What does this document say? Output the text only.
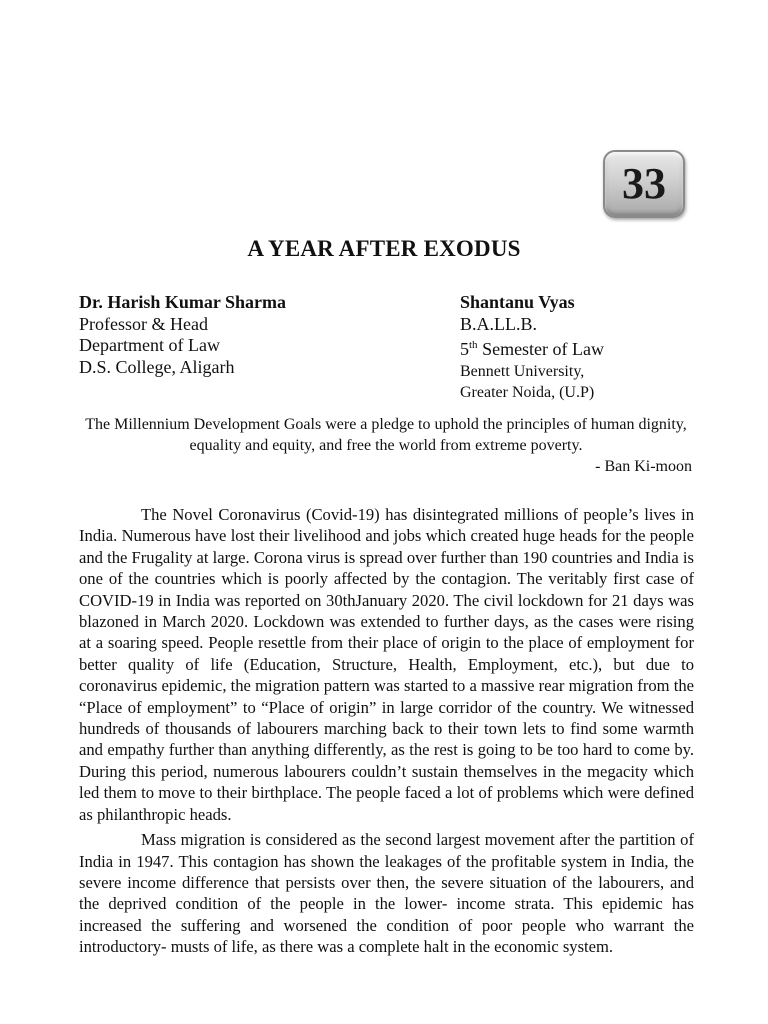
33
A YEAR AFTER EXODUS
Dr. Harish Kumar Sharma
Professor & Head
Department of Law
D.S. College, Aligarh
Shantanu Vyas
B.A.LL.B.
5th Semester of Law
Bennett University,
Greater Noida, (U.P)
The Millennium Development Goals were a pledge to uphold the principles of human dignity, equality and equity, and free the world from extreme poverty.
- Ban Ki-moon

The Novel Coronavirus (Covid-19) has disintegrated millions of people’s lives in India. Numerous have lost their livelihood and jobs which created huge heads for the people and the Frugality at large. Corona virus is spread over further than 190 countries and India is one of the countries which is poorly affected by the contagion. The veritably first case of COVID-19 in India was reported on 30thJanuary 2020. The civil lockdown for 21 days was blazoned in March 2020. Lockdown was extended to further days, as the cases were rising at a soaring speed. People resettle from their place of origin to the place of employment for better quality of life (Education, Structure, Health, Employment, etc.), but due to coronavirus epidemic, the migration pattern was started to a massive rear migration from the “Place of employment” to “Place of origin” in large corridor of the country. We witnessed hundreds of thousands of labourers marching back to their town lets to find some warmth and empathy further than anything differently, as the rest is going to be too hard to come by. During this period, numerous labourers couldn’t sustain themselves in the megacity which led them to move to their birthplace. The people faced a lot of problems which were defined as philanthropic heads.

Mass migration is considered as the second largest movement after the partition of India in 1947. This contagion has shown the leakages of the profitable system in India, the severe income difference that persists over then, the severe situation of the labourers, and the deprived condition of the people in the lower- income strata. This epidemic has increased the suffering and worsened the condition of poor people who warrant the introductory- musts of life, as there was a complete halt in the economic system.
